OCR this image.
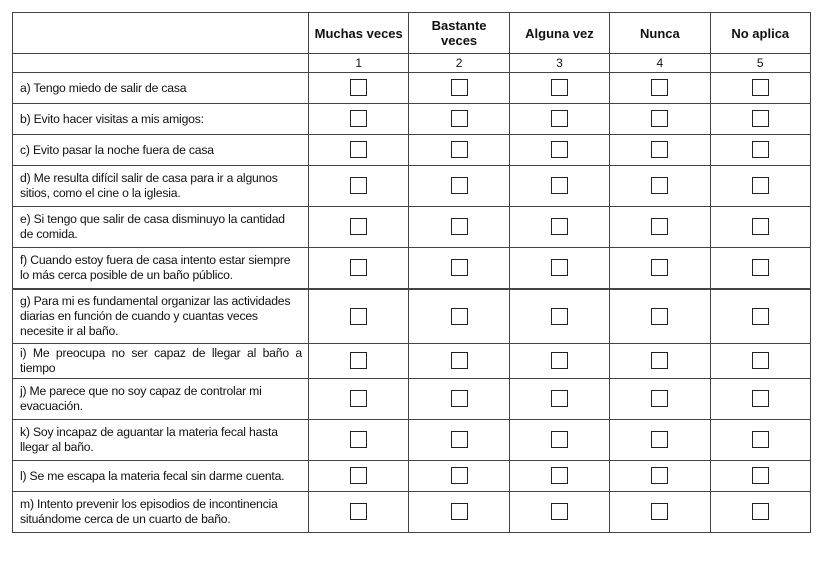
	Muchas veces	Bastante
veces	Alguna vez	Nunca	No aplica
	1	2	3	4	5
a) Tengo miedo de salir de casa					
b) Evito hacer visitas a mis amigos:					
c) Evito pasar la noche fuera de casa					
d) Me resulta difícil salir de casa para ir a algunos
sitios, como el cine o la iglesia.					
e) Si tengo que salir de casa disminuyo la cantidad
de comida.					
f) Cuando estoy fuera de casa intento estar siempre
lo más cerca posible de un baño público.					
g) Para mi es fundamental organizar las actividades
diarias en función de cuando y cuantas veces
necesite ir al baño.					
i) Me preocupa no ser capaz de llegar al baño a tiempo					
j) Me parece que no soy capaz de controlar mi
evacuación.					
k) Soy incapaz de aguantar la materia fecal hasta
llegar al baño.					
l) Se me escapa la materia fecal sin darme cuenta.					
m) Intento prevenir los episodios de incontinencia
situándome cerca de un cuarto de baño.					
